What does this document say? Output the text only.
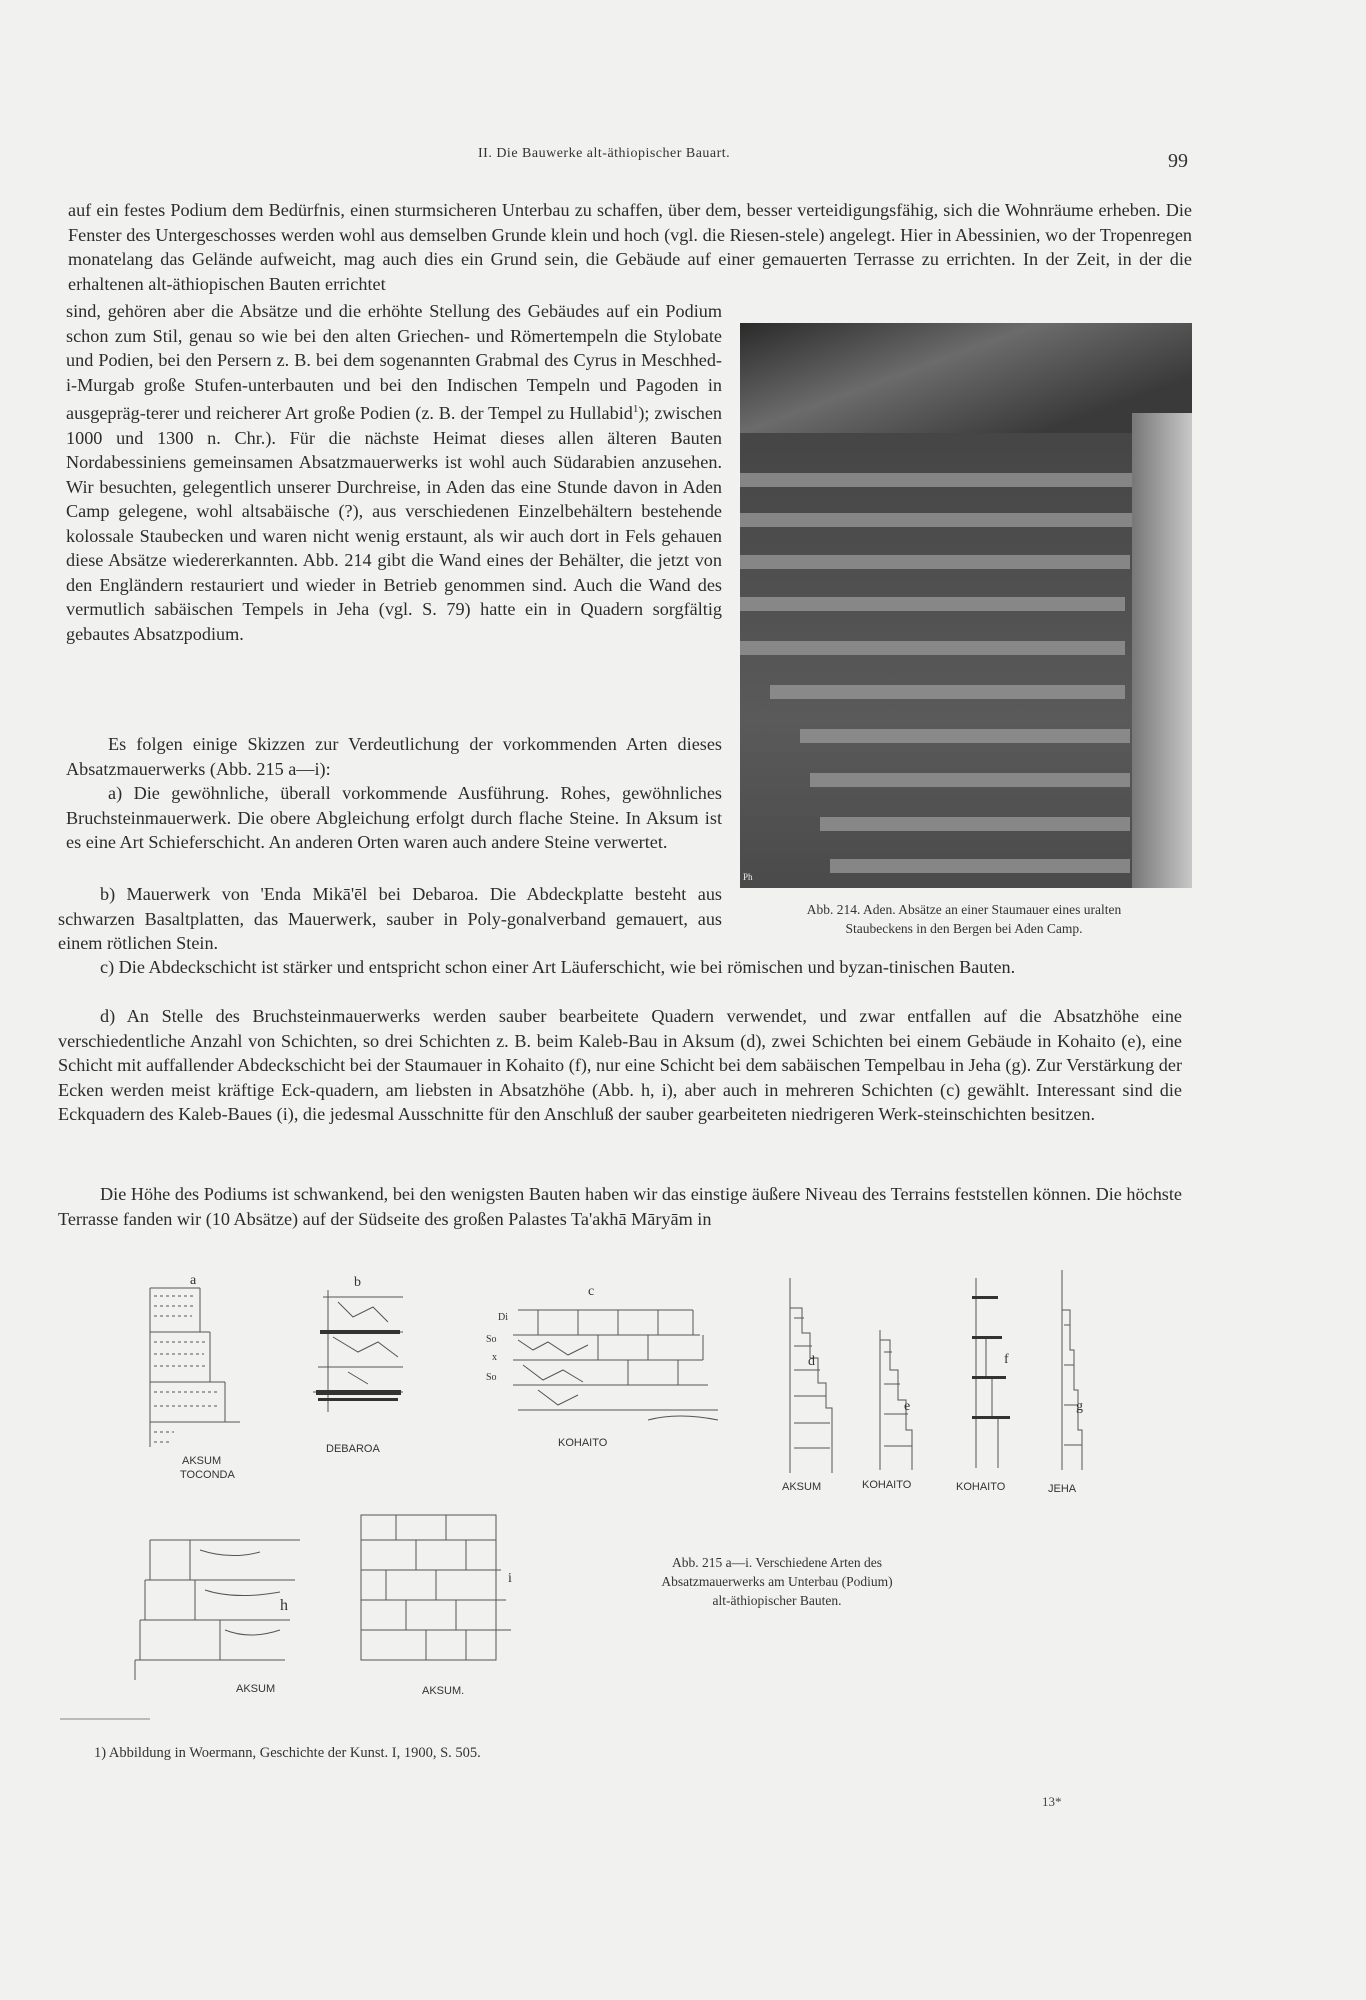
II. Die Bauwerke alt-äthiopischer Bauart.	99

auf ein festes Podium dem Bedürfnis, einen sturmsicheren Unterbau zu schaffen, über dem, besser verteidigungsfähig, sich die Wohnräume erheben. Die Fenster des Untergeschosses werden wohl aus demselben Grunde klein und hoch (vgl. die Riesen-stele) angelegt. Hier in Abessinien, wo der Tropenregen monatelang das Gelände aufweicht, mag auch dies ein Grund sein, die Gebäude auf einer gemauerten Terrasse zu errichten. In der Zeit, in der die erhaltenen alt-äthiopischen Bauten errichtet

sind, gehören aber die Absätze und die erhöhte Stellung des Gebäudes auf ein Podium schon zum Stil, genau so wie bei den alten Griechen- und Römertempeln die Stylobate und Podien, bei den Persern z. B. bei dem sogenannten Grabmal des Cyrus in Meschhed-i-Murgab große Stufen-unterbauten und bei den Indischen Tempeln und Pagoden in ausgepräg-terer und reicherer Art große Podien (z. B. der Tempel zu Hullabid$^1$); zwischen 1000 und 1300 n. Chr.). Für die nächste Heimat dieses allen älteren Bauten Nordabessiniens gemeinsamen Absatzmauerwerks ist wohl auch Südarabien anzusehen. Wir besuchten, gelegentlich unserer Durchreise, in Aden das eine Stunde davon in Aden Camp gelegene, wohl altsabäische (?), aus verschiedenen Einzelbehältern bestehende kolossale Staubecken und waren nicht wenig erstaunt, als wir auch dort in Fels gehauen diese Absätze wiedererkannten. Abb. 214 gibt die Wand eines der Behälter, die jetzt von den Engländern restauriert und wieder in Betrieb genommen sind. Auch die Wand des vermutlich sabäischen Tempels in Jeha (vgl. S. 79) hatte ein in Quadern sorgfältig gebautes Absatzpodium.

Es folgen einige Skizzen zur Verdeutlichung der vorkommenden Arten dieses Absatzmauerwerks (Abb. 215 a—i):

a) Die gewöhnliche, überall vorkommende Ausführung. Rohes, gewöhnliches Bruchsteinmauerwerk. Die obere Abgleichung erfolgt durch flache Steine. In Aksum ist es eine Art Schieferschicht. An anderen Orten waren auch andere Steine verwertet.

b) Mauerwerk von 'Enda Mikā'ēl bei Debaroa. Die Abdeckplatte besteht aus schwarzen Basaltplatten, das Mauerwerk, sauber in Poly-gonalverband gemauert, aus einem rötlichen Stein.

Ph

Abb. 214. Aden. Absätze an einer Staumauer eines uralten
Staubeckens in den Bergen bei Aden Camp.

c) Die Abdeckschicht ist stärker und entspricht schon einer Art Läuferschicht, wie bei römischen und byzan-tinischen Bauten.

d) An Stelle des Bruchsteinmauerwerks werden sauber bearbeitete Quadern verwendet, und zwar entfallen auf die Absatzhöhe eine verschiedentliche Anzahl von Schichten, so drei Schichten z. B. beim Kaleb-Bau in Aksum (d), zwei Schichten bei einem Gebäude in Kohaito (e), eine Schicht mit auffallender Abdeckschicht bei der Staumauer in Kohaito (f), nur eine Schicht bei dem sabäischen Tempelbau in Jeha (g). Zur Verstärkung der Ecken werden meist kräftige Eck-quadern, am liebsten in Absatzhöhe (Abb. h, i), aber auch in mehreren Schichten (c) gewählt. Interessant sind die Eckquadern des Kaleb-Baues (i), die jedesmal Ausschnitte für den Anschluß der sauber gearbeiteten niedrigeren Werk-steinschichten besitzen.

Die Höhe des Podiums ist schwankend, bei den wenigsten Bauten haben wir das einstige äußere Niveau des Terrains feststellen können. Die höchste Terrasse fanden wir (10 Absätze) auf der Südseite des großen Palastes Ta'akhā Māryām in

a
AKSUM
TOCONDA
b
DEBAROA
c
Di
So
x
So
KOHAITO
d
AKSUM
e
KOHAITO
f
KOHAITO
g
JEHA
h
AKSUM
i
AKSUM.

Abb. 215 a—i. Verschiedene Arten des
Absatzmauerwerks am Unterbau (Podium)
alt-äthiopischer Bauten.

1) Abbildung in Woermann, Geschichte der Kunst. I, 1900, S. 505.

13*
